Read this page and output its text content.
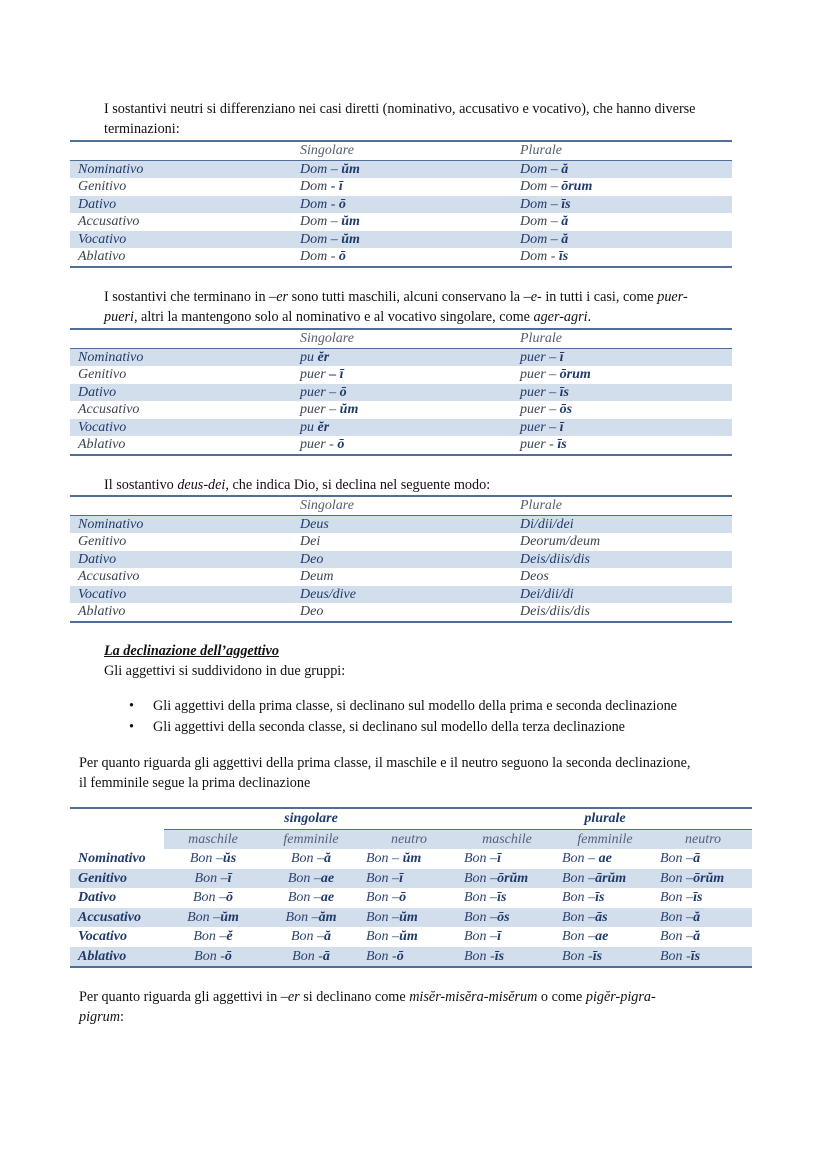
I sostantivi neutri si differenziano nei casi diretti (nominativo, accusativo e vocativo), che hanno diverse
terminazioni:

	Singolare	Plurale
Nominativo	Dom – ŭm	Dom – ă
Genitivo	Dom - ī	Dom – ōrum
Dativo	Dom - ō	Dom – īs
Accusativo	Dom – ŭm	Dom – ă
Vocativo	Dom – ŭm	Dom – ă
Ablativo	Dom - ō	Dom - īs

I sostantivi che terminano in –er sono tutti maschili, alcuni conservano la –e- in tutti i casi, come puer-
pueri, altri la mantengono solo al nominativo e al vocativo singolare, come ager-agri.

	Singolare	Plurale
Nominativo	pu ĕr	puer – ī
Genitivo	puer – ī	puer – ōrum
Dativo	puer – ō	puer – īs
Accusativo	puer – ŭm	puer – ōs
Vocativo	pu ĕr	puer – ī
Ablativo	puer - ō	puer - īs

Il sostantivo deus-dei, che indica Dio, si declina nel seguente modo:

	Singolare	Plurale
Nominativo	Deus	Di/dii/dei
Genitivo	Dei	Deorum/deum
Dativo	Deo	Deis/diis/dis
Accusativo	Deum	Deos
Vocativo	Deus/dive	Dei/dii/di
Ablativo	Deo	Deis/diis/dis

La declinazione dell’aggettivo

Gli aggettivi si suddividono in due gruppi:

• Gli aggettivi della prima classe, si declinano sul modello della prima e seconda declinazione
• Gli aggettivi della seconda classe, si declinano sul modello della terza declinazione

Per quanto riguarda gli aggettivi della prima classe, il maschile e il neutro seguono la seconda declinazione,
il femminile segue la prima declinazione

	singolare			plurale		
	maschile	femminile	neutro	maschile	femminile	neutro
Nominativo	Bon –ŭs	Bon –ă	Bon – ŭm	Bon –ī	Bon – ae	Bon –ā
Genitivo	Bon –ī	Bon –ae	Bon –ī	Bon –ōrŭm	Bon –ārŭm	Bon –ōrŭm
Dativo	Bon –ō	Bon –ae	Bon –ō	Bon –īs	Bon –īs	Bon –īs
Accusativo	Bon –ŭm	Bon –ăm	Bon –ŭm	Bon –ōs	Bon –ās	Bon –ă
Vocativo	Bon –ĕ	Bon –ă	Bon –ŭm	Bon –ī	Bon –ae	Bon –ă
Ablativo	Bon -ō	Bon -ā	Bon -ō	Bon -īs	Bon -īs	Bon -īs

Per quanto riguarda gli aggettivi in –er si declinano come misĕr-misĕra-misĕrum o come pigĕr-pigra-
pigrum:
